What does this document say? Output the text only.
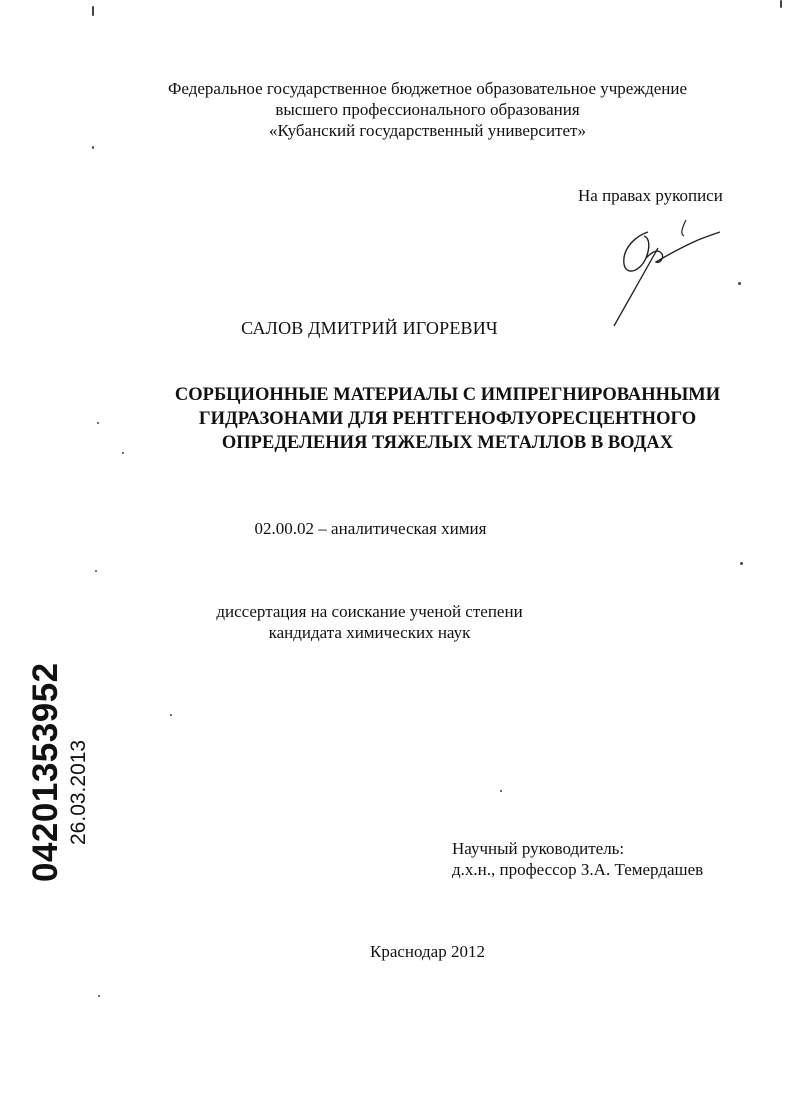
Федеральное государственное бюджетное образовательное учреждение
высшего профессионального образования
«Кубанский государственный университет»
На правах рукописи
САЛОВ ДМИТРИЙ ИГОРЕВИЧ
СОРБЦИОННЫЕ МАТЕРИАЛЫ С ИМПРЕГНИРОВАННЫМИ
ГИДРАЗОНАМИ ДЛЯ РЕНТГЕНОФЛУОРЕСЦЕНТНОГО
ОПРЕДЕЛЕНИЯ ТЯЖЕЛЫХ МЕТАЛЛОВ В ВОДАХ
02.00.02 – аналитическая химия
диссертация на соискание ученой степени
кандидата химических наук
Научный руководитель:
д.х.н., профессор З.А. Темердашев
Краснодар 2012
04201353952 26.03.2013
